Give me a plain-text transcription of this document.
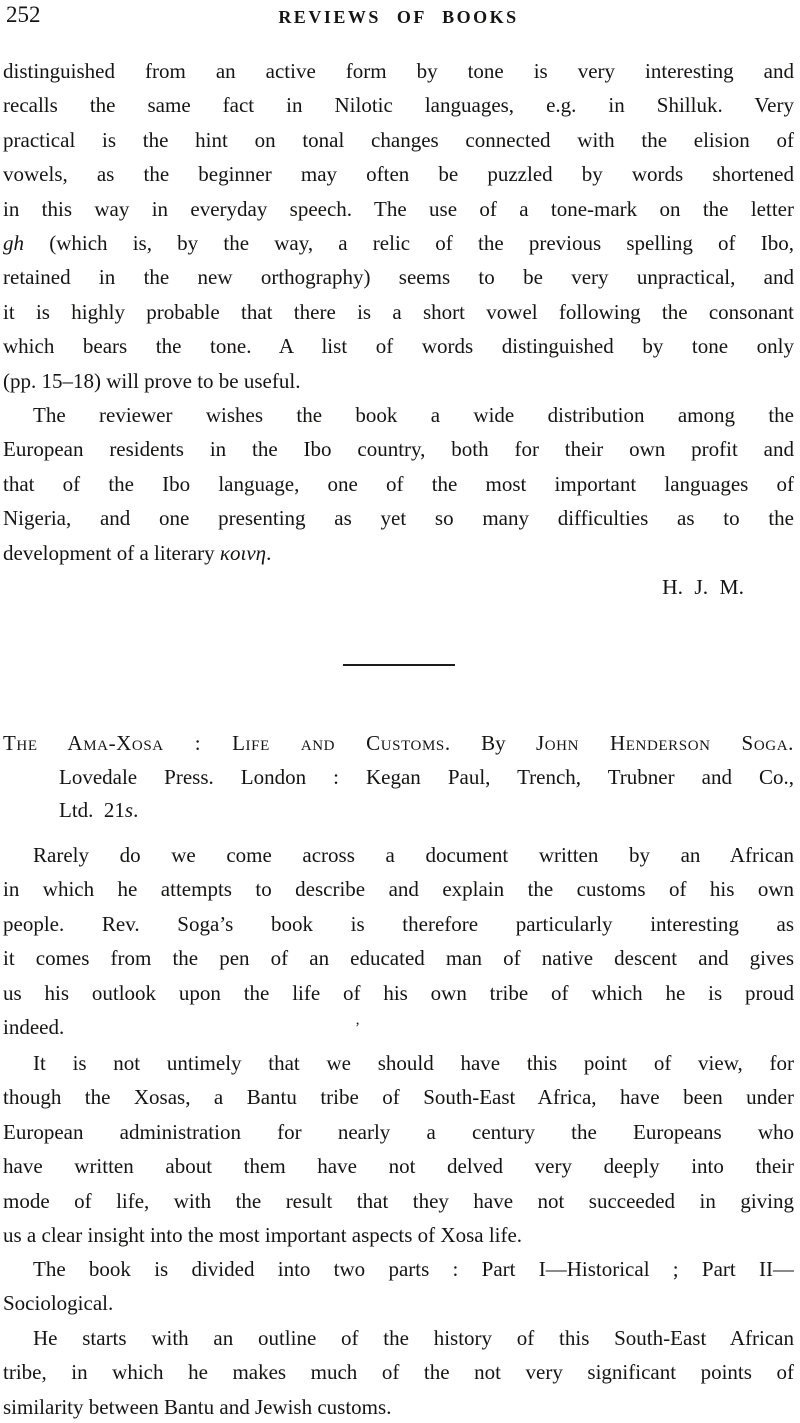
252	REVIEWS OF BOOKS
distinguished from an active form by tone is very interesting and
recalls the same fact in Nilotic languages, e.g. in Shilluk. Very
practical is the hint on tonal changes connected with the elision of
vowels, as the beginner may often be puzzled by words shortened
in this way in everyday speech. The use of a tone-mark on the letter
gh (which is, by the way, a relic of the previous spelling of Ibo,
retained in the new orthography) seems to be very unpractical, and
it is highly probable that there is a short vowel following the consonant
which bears the tone. A list of words distinguished by tone only
(pp. 15–18) will prove to be useful.
The reviewer wishes the book a wide distribution among the
European residents in the Ibo country, both for their own profit and
that of the Ibo language, one of the most important languages of
Nigeria, and one presenting as yet so many difficulties as to the
development of a literary κοινη.
H. J. M.
The Ama-Xosa : Life and Customs. By John Henderson Soga.
Lovedale Press. London : Kegan Paul, Trench, Trubner and Co.,
Ltd.  21s.
Rarely do we come across a document written by an African
in which he attempts to describe and explain the customs of his own
people. Rev. Soga’s book is therefore particularly interesting as
it comes from the pen of an educated man of native descent and gives
us his outlook upon the life of his own tribe of which he is proud
indeed.	’
It is not untimely that we should have this point of view, for
though the Xosas, a Bantu tribe of South-East Africa, have been under
European administration for nearly a century the Europeans who
have written about them have not delved very deeply into their
mode of life, with the result that they have not succeeded in giving
us a clear insight into the most important aspects of Xosa life.
The book is divided into two parts : Part I—Historical ; Part II—
Sociological.
He starts with an outline of the history of this South-East African
tribe, in which he makes much of the not very significant points of
similarity between Bantu and Jewish customs.
